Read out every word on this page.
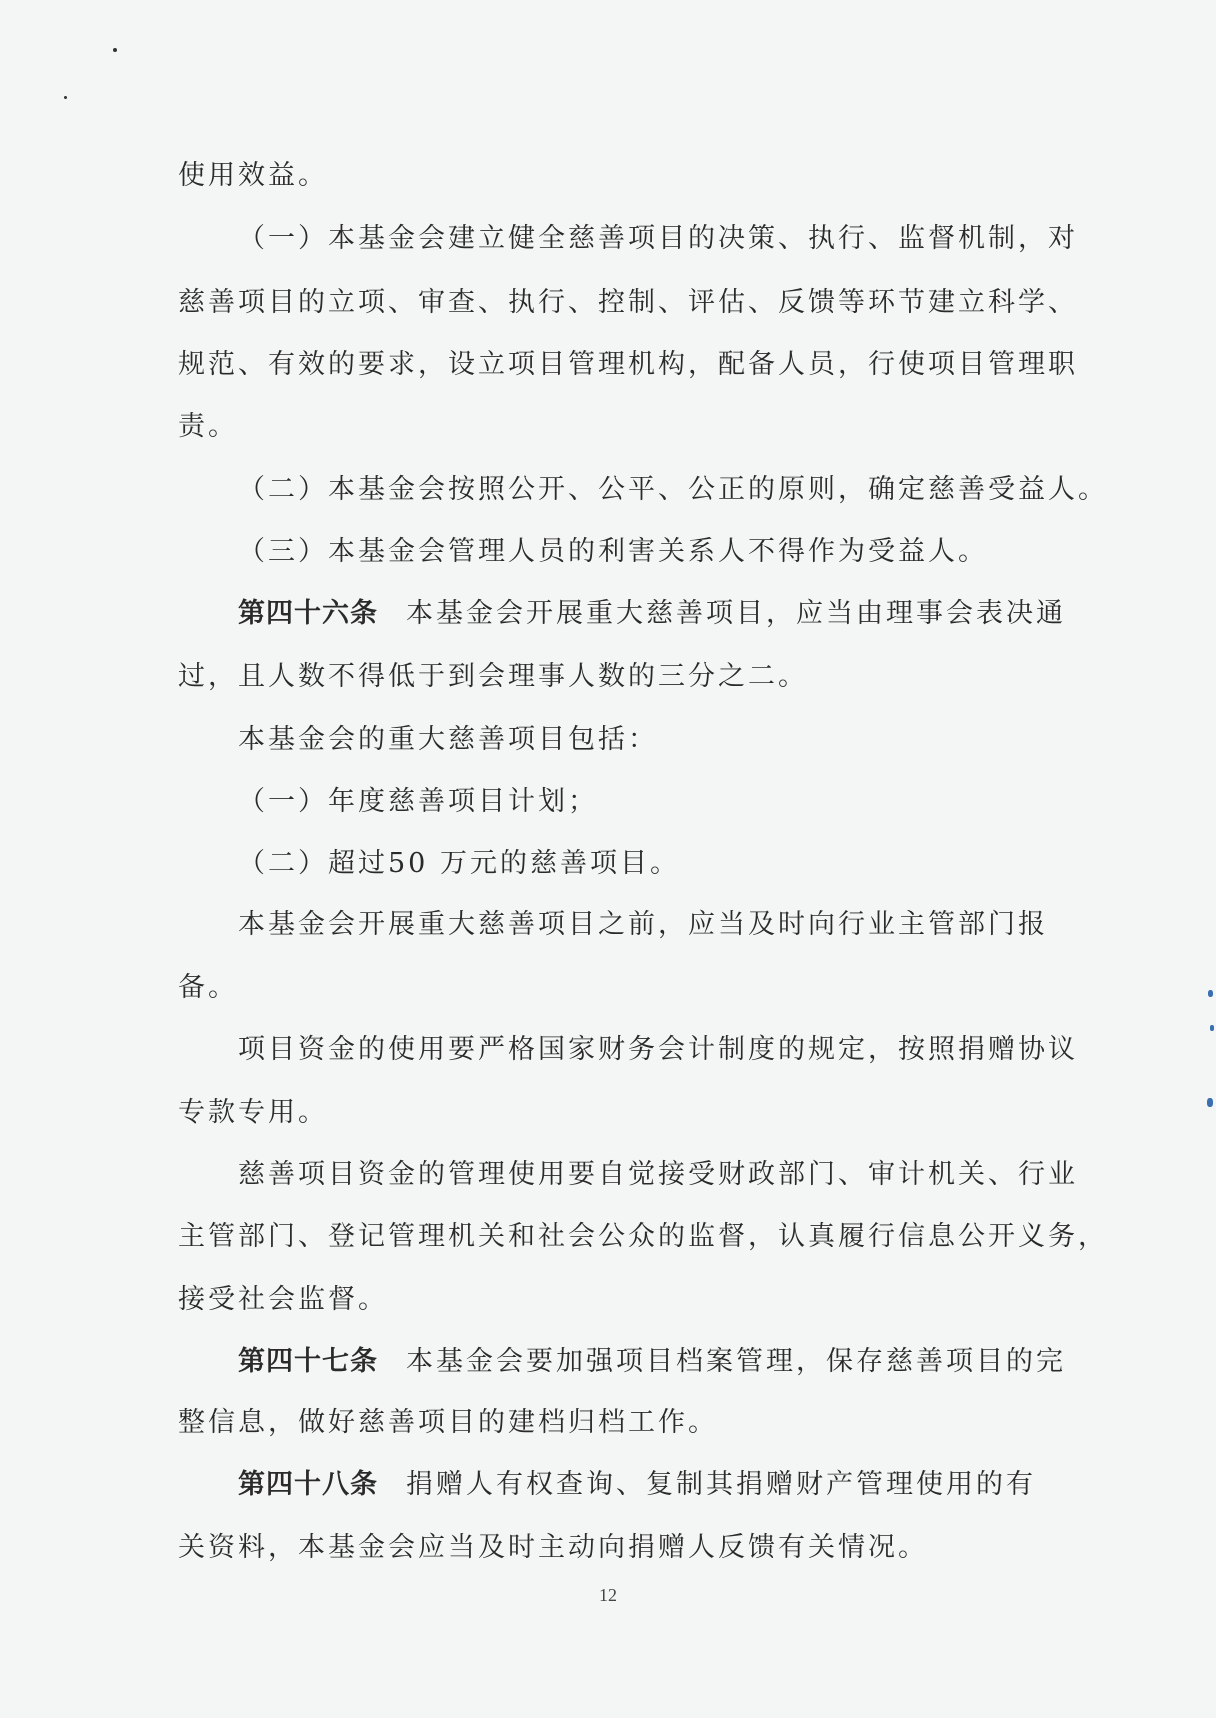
使用效益。
（一）本基金会建立健全慈善项目的决策、执行、监督机制，对
慈善项目的立项、审查、执行、控制、评估、反馈等环节建立科学、
规范、有效的要求，设立项目管理机构，配备人员，行使项目管理职
责。
（二）本基金会按照公开、公平、公正的原则，确定慈善受益人。
（三）本基金会管理人员的利害关系人不得作为受益人。
第四十六条 本基金会开展重大慈善项目，应当由理事会表决通
过，且人数不得低于到会理事人数的三分之二。
本基金会的重大慈善项目包括：
（一）年度慈善项目计划；
（二）超过50 万元的慈善项目。
本基金会开展重大慈善项目之前，应当及时向行业主管部门报
备。
项目资金的使用要严格国家财务会计制度的规定，按照捐赠协议
专款专用。
慈善项目资金的管理使用要自觉接受财政部门、审计机关、行业
主管部门、登记管理机关和社会公众的监督，认真履行信息公开义务，
接受社会监督。
第四十七条 本基金会要加强项目档案管理，保存慈善项目的完
整信息，做好慈善项目的建档归档工作。
第四十八条 捐赠人有权查询、复制其捐赠财产管理使用的有
关资料，本基金会应当及时主动向捐赠人反馈有关情况。
12
